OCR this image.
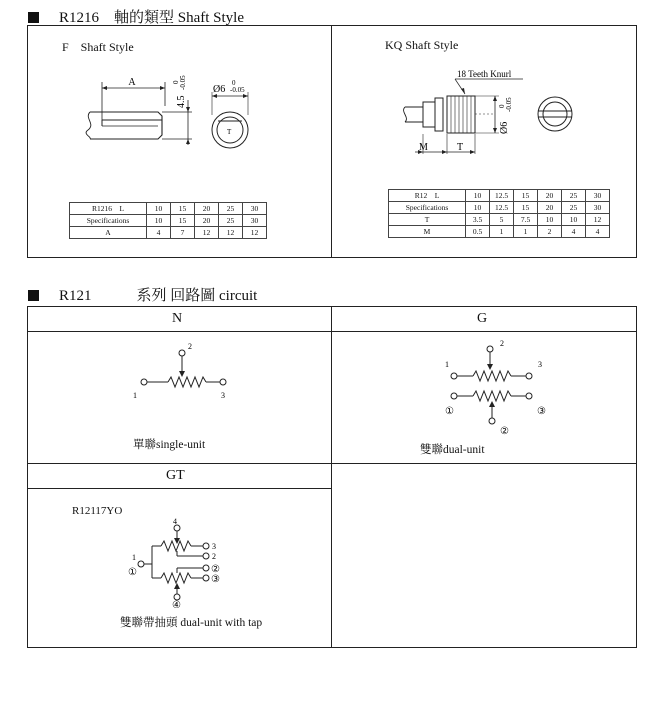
R1216　軸的類型 Shaft Style
F　Shaft Style
A
4.5
0 -0.05	Ø6
0
-0.05
T
R1216　L	10	15	20	25	30
Specifications	10	15	20	25	30
A	4	7	12	12	12
KQ Shaft Style
18 Teeth Knurl
Ø6
0 -0.05
M	T
R12　L	10	12.5	15	20	25	30
Specifications	10	12.5	15	20	25	30
T	3.5	5	7.5	10	10	12
M	0.5	1	1	2	4	4
R121　　　系列 回路圖 circuit
N	G
GT
1
2
3
單聯single-unit
1
2
3
①
②
③
雙聯dual-unit
R12117YO
4
1
①
3
2
②
③
④
雙聯帶抽頭 dual-unit with tap
